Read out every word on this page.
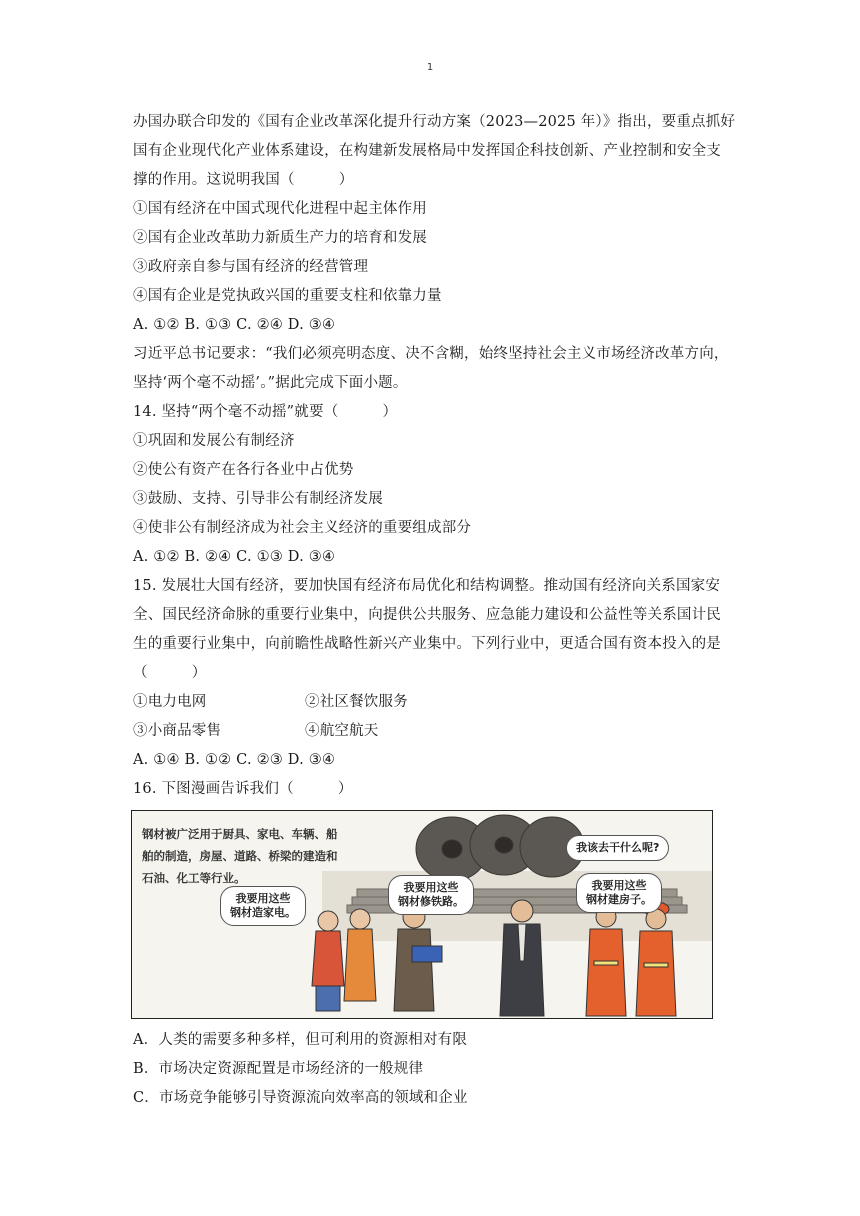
1
办国办联合印发的《国有企业改革深化提升行动方案（2023—2025 年）》指出，要重点抓好
国有企业现代化产业体系建设，在构建新发展格局中发挥国企科技创新、产业控制和安全支
撑的作用。这说明我国（　　　）
①国有经济在中国式现代化进程中起主体作用
②国有企业改革助力新质生产力的培育和发展
③政府亲自参与国有经济的经营管理
④国有企业是党执政兴国的重要支柱和依靠力量
A. ①② B. ①③ C. ②④ D. ③④
习近平总书记要求：“我们必须亮明态度、决不含糊，始终坚持社会主义市场经济改革方向，
坚持‘两个毫不动摇’。”据此完成下面小题。
14. 坚持“两个毫不动摇”就要（　　　）
①巩固和发展公有制经济
②使公有资产在各行各业中占优势
③鼓励、支持、引导非公有制经济发展
④使非公有制经济成为社会主义经济的重要组成部分
A. ①② B. ②④ C. ①③ D. ③④
15. 发展壮大国有经济，要加快国有经济布局优化和结构调整。推动国有经济向关系国家安
全、国民经济命脉的重要行业集中，向提供公共服务、应急能力建设和公益性等关系国计民
生的重要行业集中，向前瞻性战略性新兴产业集中。下列行业中，更适合国有资本投入的是
（　　　）
①电力电网	②社区餐饮服务
③小商品零售	④航空航天
A. ①④ B. ①② C. ②③ D. ③④
16. 下图漫画告诉我们（　　　）
钢材被广泛用于厨具、家电、车辆、船
舶的制造，房屋、道路、桥梁的建造和
石油、化工等行业。
我要用这些
钢材造家电。
我要用这些
钢材修铁路。
我要用这些
钢材建房子。
我该去干什么呢?
A．人类的需要多种多样，但可利用的资源相对有限
B．市场决定资源配置是市场经济的一般规律
C．市场竞争能够引导资源流向效率高的领域和企业
